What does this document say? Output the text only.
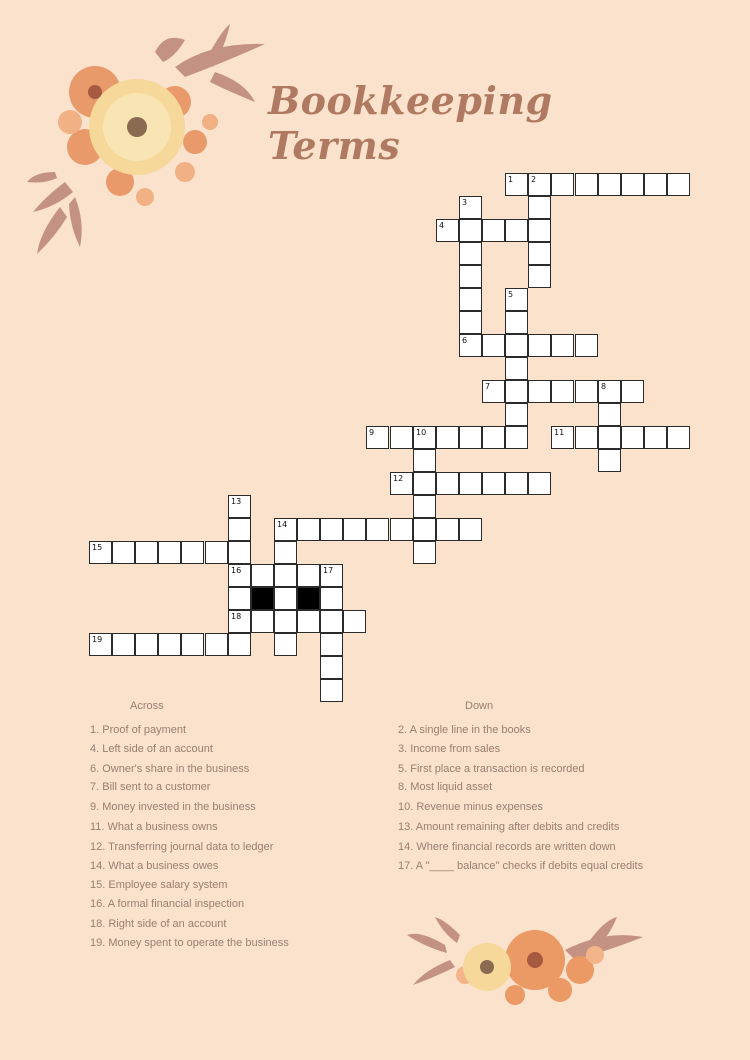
Bookkeeping Terms
1 2
4
6
7	8
9	10	11
12
14
15
16	17
18
19
3
5
13
Across	Down
1. Proof of payment
4. Left side of an account
6. Owner's share in the business
7. Bill sent to a customer
9. Money invested in the business
11. What a business owns
12. Transferring journal data to ledger
14. What a business owes
15. Employee salary system
16. A formal financial inspection
18. Right side of an account
19. Money spent to operate the business
2. A single line in the books
3. Income from sales
5. First place a transaction is recorded
8. Most liquid asset
10. Revenue minus expenses
13. Amount remaining after debits and credits
14. Where financial records are written down
17. A "____ balance" checks if debits equal credits
